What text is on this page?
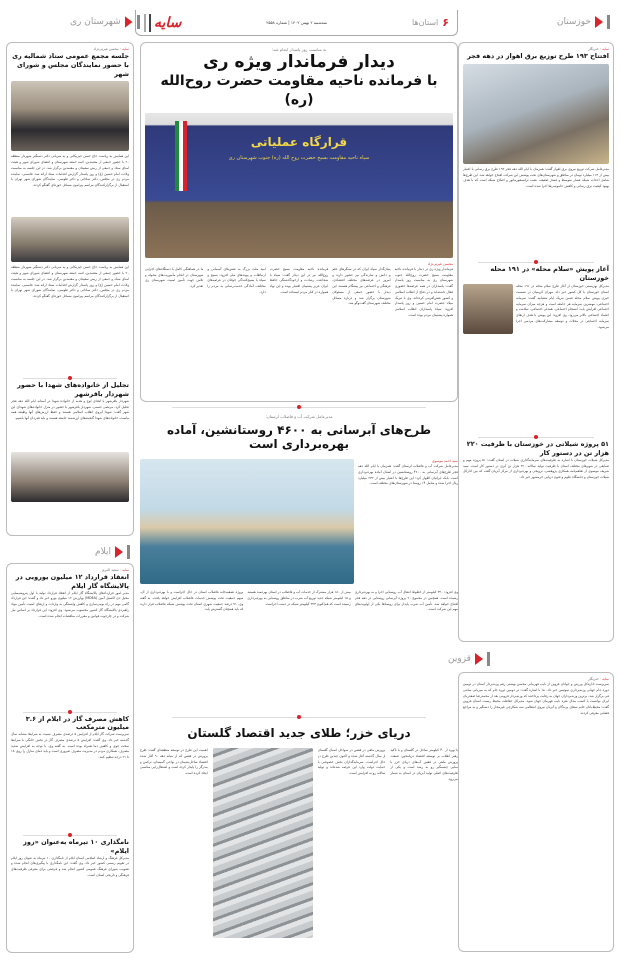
خوزستان
۶
استان‌ها
سه‌شنبه ۲ بهمن ۱۴۰۲ | شماره ۲۵۵۸
سایه
شهرستان ری
سایه · خبرنگار
افتتاح ۱۹۳ طرح توزیع برق اهواز در دهه فجر
مدیرعامل شرکت توزیع نیروی برق اهواز گفت: همزمان با ایام الله دهه فجر ۱۹۳ طرح برق رسانی با اعتبار بیش از ۱۱۳ میلیارد تومان در مناطق و شهرستان‌های تحت پوشش این شرکت افتتاح خواهد شد. این طرح‌ها شامل احداث شبکه فشار متوسط و فشار ضعیف، نصب ترانسفورماتور و اصلاح شبکه است که با هدف بهبود کیفیت برق رسانی و کاهش خاموشی‌ها اجرا شده است.
آغاز پویش «سلام محله» در ۱۹۱ محله خوزستان
مدیرکل بهزیستی خوزستان از آغاز طرح سلام محله در ۱۹۱ محله استان خوزستان با کل کشور خبر داد. مهران کریمیان در نشست خبری پویش سلام محله ضمن تبریک ایام شعبانیه گفت: سرمایه اجتماعی، مهمترین سرمایه هر جامعه است و هرچه میزان سرمایه اجتماعی افزایش یابد، انسجام اجتماعی، همدلی اجتماعی، سلامت و اعتماد اجتماعی بالاتر می‌رود. وی افزود: این پویش با هدف ارتقای سرمایه اجتماعی در محلات و توسعه مشارکت‌های مردمی اجرا می‌شود.
۵۱ پروژه شیلاتی در خوزستان با ظرفیت ۲۲۰ هزار تن در دستور کار
مدیرکل شیلات خوزستان با اشاره به ظرفیت‌های سرمایه‌گذاری شیلات در استان گفت: ۵۱ پروژه مهم و صنایعی در شهرهای مختلف استان با ظرفیت تولید سالانه ۲۲۰ هزار تن آبزی در دستور کار است. سید شریف موسوی از تفاهم‌نامه همکاری پژوهشی، ترویجی و بهره‌برداری از مرکز آبزیان گفت که بین ادارکل شیلات خوزستان و دانشگاه علوم و فنون دریایی خرمشهر خبر داد.
قزوین
سایه · خبرنگار
سرپرست اداره‌کل ورزش و جوانان قزوین از نایب قهرمانی محسن بهشتی رقم وزنه‌بردار استان در دومین دوره جام جهانی وزنه‌برداری سوئیس خبر داد. ندا با اشاره گفت: در دومین دوره جام که به میزبانی سانتی فی برگزار شد، برترین وزنه‌برداران جهان به رقابت پرداختند که وزنه‌بردار قزوینی بعد از محمدرضا صفدریان ایران توانست با کسب مدال نقره نایب قهرمان جهان شود. مدیرکل حفاظت محیط زیست استان قزوین گفت: محیط‌بانان خاتم سقای پرندگان و آبزیان نیروی انتظامی سه شکارچی غیرمجاز را دستگیر و به مراجع قضایی معرفی کردند.
به مناسبت روز پاسدار انجام شد:
دیدار فرماندار ویژه ری
با فرمانده ناحیه مقاومت حضرت روح‌الله (ره)
قرارگاه عملیاتی
سپاه ناحیه مقاومت بسیج حضرت روح الله (ره) جنوب شهرستان ری
محسن غیرتی‌نژاد
فرماندار ویژه ری در دیدار با فرمانده ناحیه مقاومت بسیج حضرت روح‌الله جنوب شهرستان ری به مناسبت روز پاسدار گفت: پاسداران در همه عرصه‌ها حضوری فعال داشته‌اند و در دفاع از انقلاب اسلامی و کشور نقش‌آفرینی کرده‌اند. وی با تبریک میلاد حضرت امام حسین و روز پاسدار افزود: سپاه پاسداران انقلاب اسلامی همواره پشتیبان مردم بوده است.
بنیان‌گذار سپاه ایران که در سنگرهای علم و دانش و سازندگی نیز حضور دارند و امروز در عرصه‌های مختلف اقتصادی، فرهنگی و اجتماعی نیز پیشگام هستند. این دیدار با حضور جمعی از مسئولان شهرستان برگزار شد و درباره مسائل مختلف شهرستان گفت‌وگو شد.
فرمانده ناحیه مقاومت بسیج حضرت روح‌الله نیز در این دیدار گفت: سپاه با شجاعت، رشادت و ازخودگذشتگی حافظ ایران عزیز پشتیبان اقشار بوده و این نهاد همواره در کنار مردم ایستاده است.
امید ملت بزرگ به نقش‌های آسمانی و ارتباطات و پیوندهای ملی افزود: بسیج و سپاه با بسیج‌کنندگی جوانان در عرصه‌های مختلف، آمادگی خدمت‌رسانی به مردم را دارد.
ما در هماهنگی کامل با دستگاه‌های اجرایی شهرستان در انجام مأموریت‌های محوله و تلاش جهت تأمین امنیت شهرستان ری تقدیر کرد.
مدیرعامل شرکت آب و فاضلاب لرستان:
طرح‌های آبرسانی به ۴۶۰۰ روستانشین، آماده بهره‌برداری است
سید احمد موسوی
مدیرعامل شرکت آب و فاضلاب لرستان گفت: همزمان با ایام الله دهه فجر طرح‌های آبرسانی به ۴۶۰۰ روستانشین در استان آماده بهره‌برداری است. بابک ایرانیان اظهار کرد: این طرح‌ها با اعتبار بیش از ۲۳۲ میلیارد ریال اجرا شده و شامل ۱۴ روستا در شهرستان‌های مختلف است.
وی افزود: ۳۲۰ کیلومتر از خطوط انتقال آب روستایی اجرا و به بهره‌برداری رسیده است. همچنین در مجموع ۲۰ پروژه آبرسانی روستایی در دهه فجر افتتاح خواهد شد. تأمین آب شرب پایدار برای روستاها یکی از اولویت‌های مهم این شرکت است.
بیش از ۱۸۰ هزار مشترک از خدمات آب و فاضلاب در استان بهره‌مند هستند و ۱۵ کیلومتر شبکه جدید توزیع آب شرب در مناطق روستایی به بهره‌برداری رسیده است که هم‌اکنون ۳۲۳ کیلومتر شبکه در دست اجراست.
پروژه تصفیه‌خانه فاضلاب استان در حال اجراست و با بهره‌برداری از آن، سهم جمعیت تحت پوشش خدمات فاضلاب افزایش خواهد یافت. به گفته وی، ۷۱ درصد جمعیت شهری استان تحت پوشش شبکه فاضلاب قرار دارند که باید همچنان گسترش یابد.
دریای خزر؛ طلای جدید اقتصاد گلستان
با بهره از ۴۰ کیلومتر ساحل در گلستان و با تأکید رهبر انقلاب بر توسعه اقتصاد دریامحور، صنعت پرورش ماهی در قفس آب‌های دریای خزر با نمایی چشمگیر رو به رشد است و یکی از ظرفیت‌های اصلی تولید آبزیان در استان به شمار می‌رود.
پرورش ماهی در قفس در سواحل استان گلستان از سال گذشته آغاز شده و اکنون چندین طرح در حال اجراست. سرمایه‌گذاران بخش خصوصی با حمایت دولت وارد این عرصه شده‌اند و تولید سالانه رو به افزایش است.
اهمیت این طرح در توسعه منطقه‌ای گفت: طرح پرورش در قفس که از میانه دهه ۹۰ آغاز شده اقتصاد ساحل‌نشینان در نواحی گمیشان، ترکمن و بندرگز را پایدار کرده است و اشتغال‌زایی مناسبی ایجاد کرده است.
سایه · محسن غیرتی‌نژاد
جلسه مجمع عمومی ستاد شمالیه ری با حضور نمایندگان مجلس و شورای شهر
این همایش به ریاست حاج حسن جیزیکانی و به میزبانی دکتر دستگیر شهردار منطقه ۲۰ با حضور جمعی از معتمدین، ائمه جمعه شهرستان و اعضای شورای شهر و هیئت امنای ستاد و جمعی از ریش سفیدان و معتمدین برگزار شد. در این جلسه به مناسبت ولادت امام حسین (ع) و روز پاسدار گزارش اقدامات ستاد ارائه شد. قاسمی، نماینده مردم ری در مجلس، دکتر ساداتی و دکتر طوسی، نمایندگان شورای شهر تهران با استقبال از برگزارکنندگان مراسم پیرامون مسائل حوزه‌ای گفتگو کردند.
این همایش به ریاست حاج حسن جیزیکانی و به میزبانی دکتر دستگیر شهردار منطقه ۲۰ با حضور جمعی از معتمدین، ائمه جمعه شهرستان و اعضای شورای شهر و هیئت امنای ستاد و جمعی از ریش سفیدان و معتمدین برگزار شد. در این جلسه به مناسبت ولادت امام حسین (ع) و روز پاسدار گزارش اقدامات ستاد ارائه شد. قاسمی، نماینده مردم ری در مجلس، دکتر ساداتی و دکتر طوسی، نمایندگان شورای شهر تهران با استقبال از برگزارکنندگان مراسم پیرامون مسائل حوزه‌ای گفتگو کردند.
تجلیل از خانواده‌های شهدا با حضور شهردار باقرشهر
شهردار باقرشهر با اهدای لوح و هدیه از خانواده شهدا در آستانه ایام الله دهه فجر تجلیل کرد. مرتضی حسنی، شهردار باقرشهر با حضور در منزل خانواده‌های شهدای این شهر گفت: شهدا آبروی انقلاب اسلامی هستند و حفظ ارزش‌های آنها وظیفه همه ماست. خانواده‌های شهدا گنجینه‌های ارزشمند جامعه هستند و باید قدردان آنها باشیم.
ایلام
سایه · سعید اکبری
انعقاد قرارداد ۱۲ میلیون یورویی در پالایشگاه گاز ایلام
مدیر امور قراردادهای پالایشگاه گاز ایلام از انعقاد قرارداد تولید با اول پتروشیمیایی محیل دی اکسیل آمین (MDEA) بهارزش ۱۲ میلیون یورو خبر داد و گفت: این قرارداد گامی مهم در راه بومی‌سازی و کاهش وابستگی به واردات و ارتقای امنیت تأمین مواد راهبردی پالایشگاه گاز کشور محسوب می‌شود. وی افزود: این قرارداد بر اساس نیاز شرکت و در چارچوب قوانین و مقررات مناقصات انجام شده است.
کاهش مصرف گاز در ایلام از ۳.۶ میلیون مترمکعب
سرپرست شرکت گاز ایلام از افزایش ۵ درصدی مصرف نسبت به شرایط مشابه سال گذشته خبر داد. وی گفت: افزایش ۵ درصدی مصرف گاز در بخش خانگی با شرایط سخت جوی و کاهش دما همراه بوده است. به گفته وی، با توجه به افزایش شدید مصرف، همکاری مردم در مدیریت مصرف ضروری است و باید دمای منازل را روی ۱۸ تا ۲۱ درجه تنظیم کنند.
نامگذاری ۱۰ تیرماه به‌عنوان «روز ایلام»
مدیرکل فرهنگ و ارشاد اسلامی استان ایلام از نامگذاری ۱۰ تیرماه به عنوان روز ایلام در تقویم رسمی کشور خبر داد. وی گفت: این نامگذاری با پیگیری‌های انجام شده و تصویب شورای فرهنگ عمومی کشور انجام شد و فرصتی برای معرفی ظرفیت‌های فرهنگی و تاریخی استان است.
